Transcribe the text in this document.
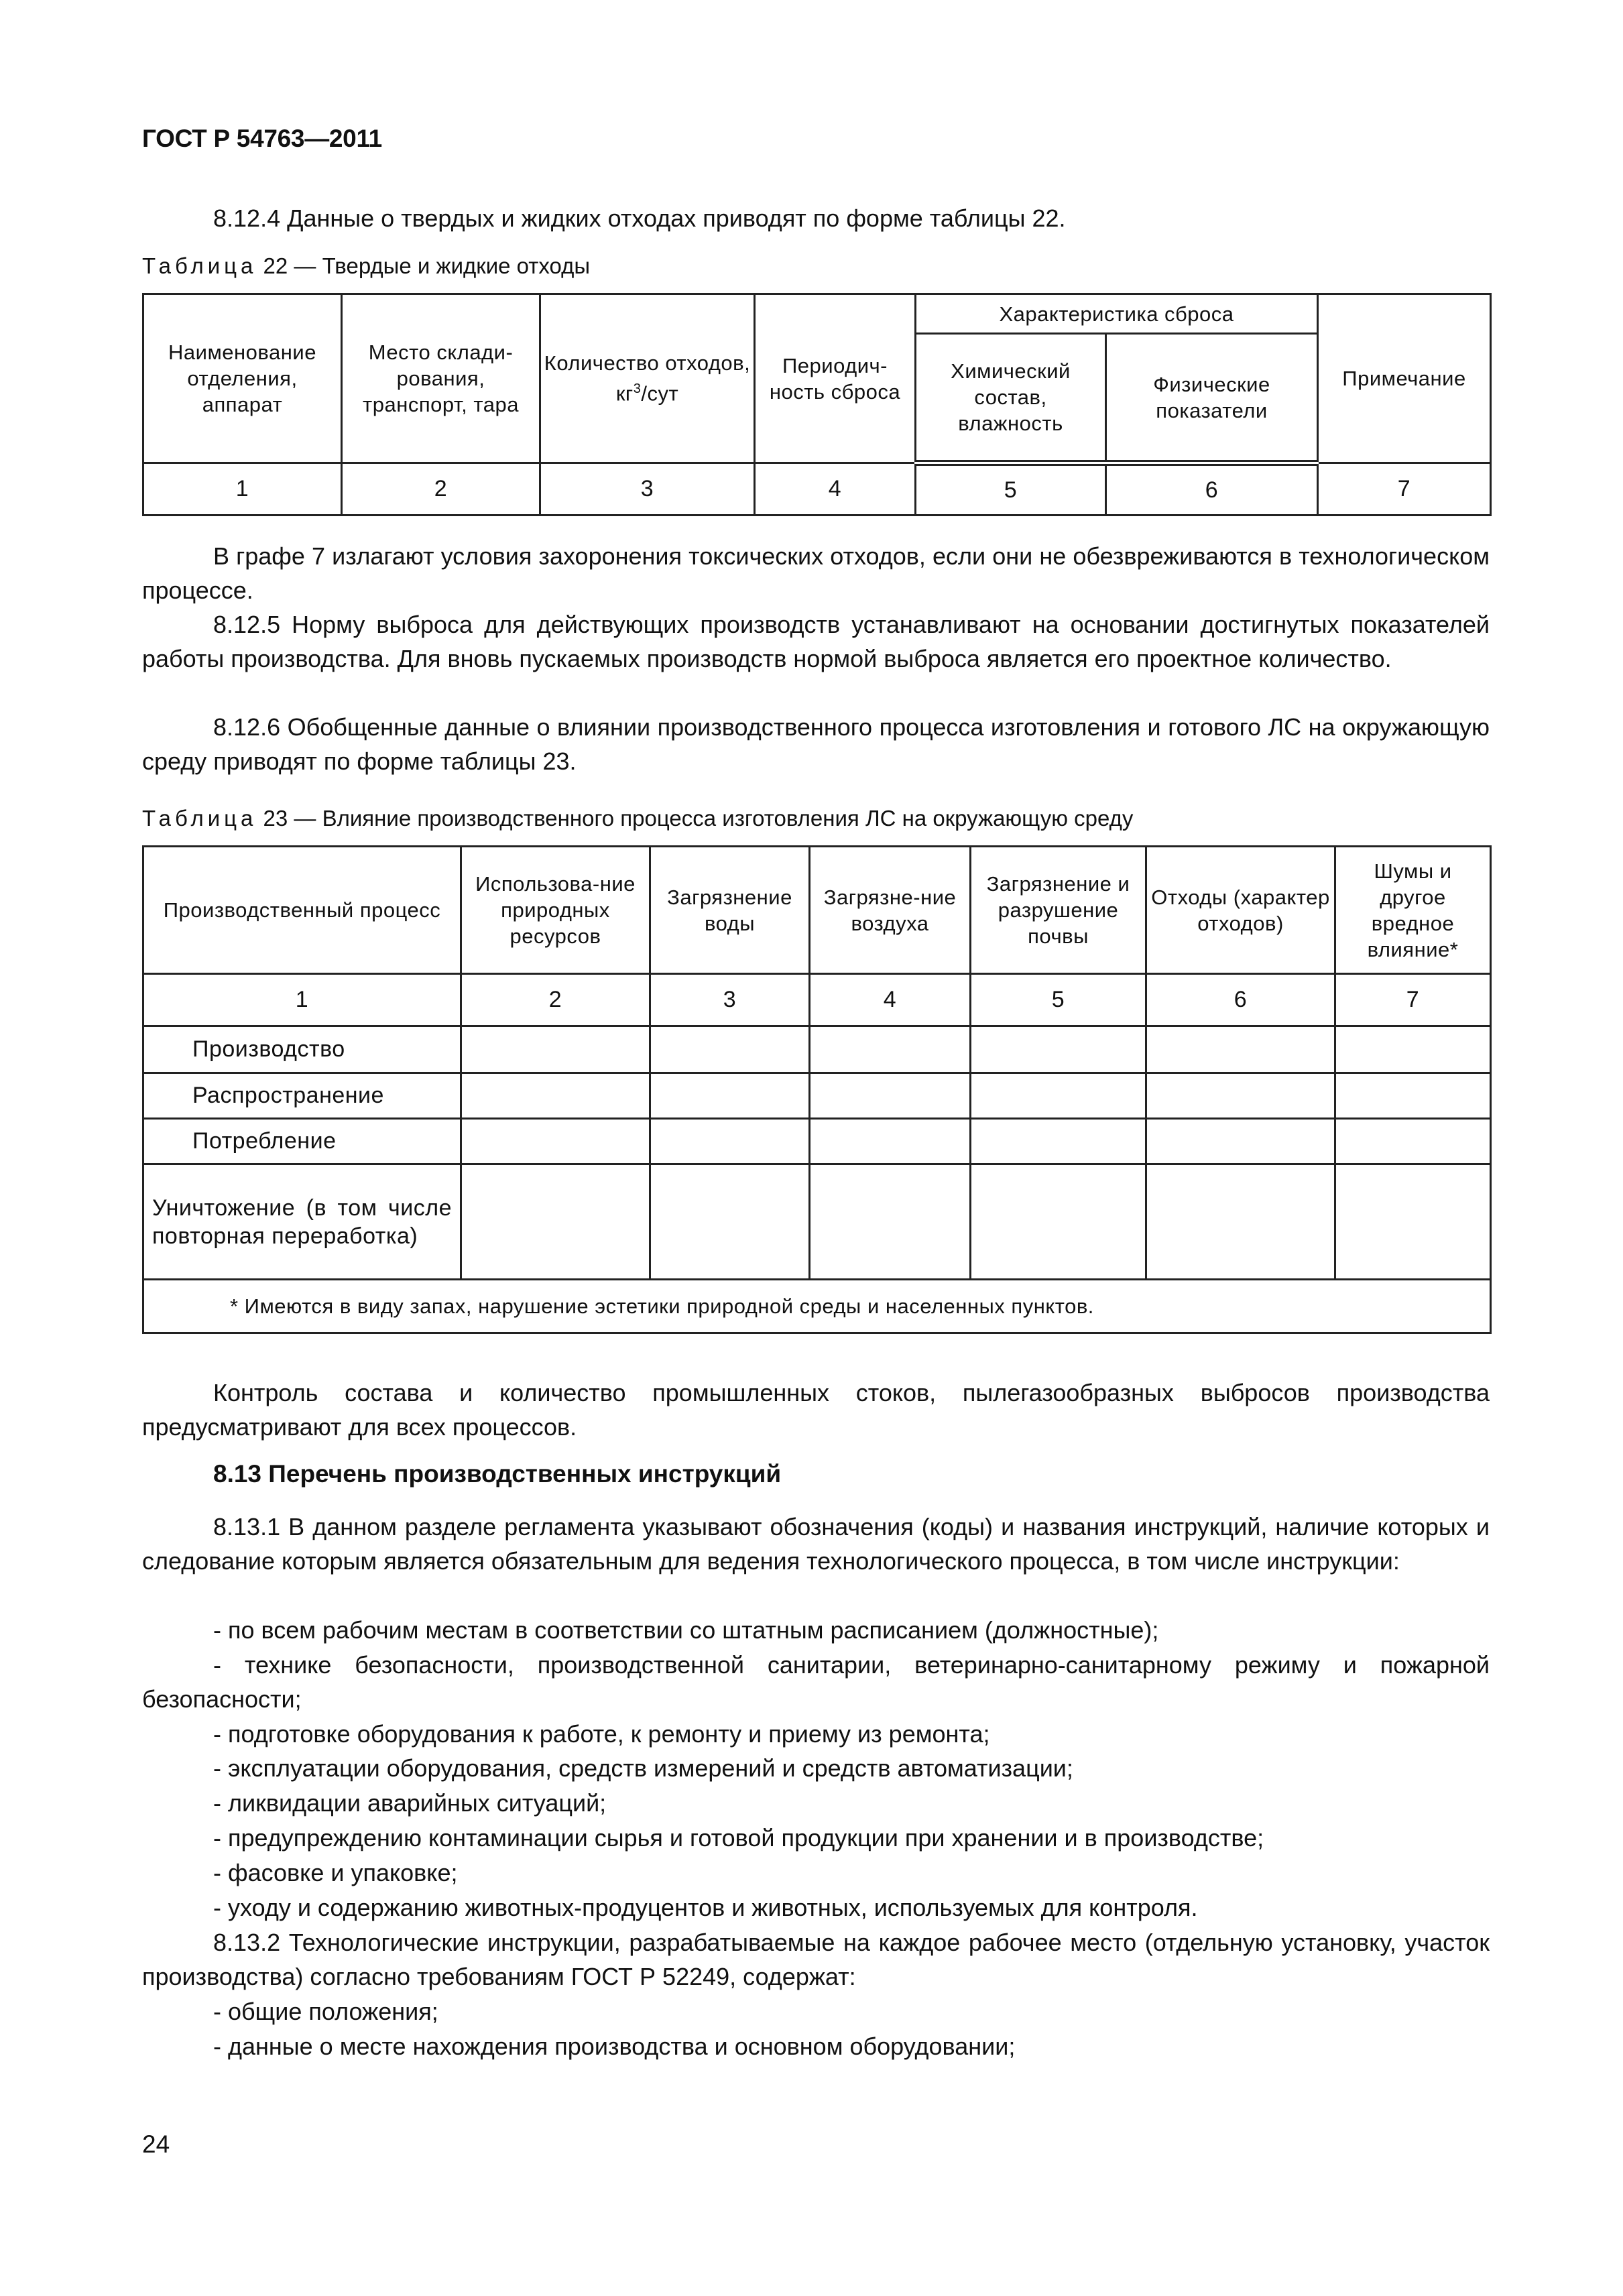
ГОСТ Р 54763—2011

8.12.4 Данные о твердых и жидких отходах приводят по форме таблицы 22.

Таблица 22 — Твердые и жидкие отходы
Наименование отделения, аппарат	Место склади-рования, транспорт, тара	Количество отходов, $кг^3$/сут	Периодич-ность сброса	Характеристика сброса		Примечание
				Химический состав, влажность	Физические показатели	
1	2	3	4	5	6	7

В графе 7 излагают условия захоронения токсических отходов, если они не обезвреживаются в технологическом процессе.

8.12.5 Норму выброса для действующих производств устанавливают на основании достигнутых показателей работы производства. Для вновь пускаемых производств нормой выброса является его проектное количество.

8.12.6 Обобщенные данные о влиянии производственного процесса изготовления и готового ЛС на окружающую среду приводят по форме таблицы 23.

Таблица 23 — Влияние производственного процесса изготовления ЛС на окружающую среду
Производственный процесс	Использова-ние природных ресурсов	Загрязнение воды	Загрязне-ние воздуха	Загрязнение и разрушение почвы	Отходы (характер отходов)	Шумы и другое вредное влияние*
1	2	3	4	5	6	7
Производство						
Распространение						
Потребление						
Уничтожение (в том числе повторная переработка)						
* Имеются в виду запах, нарушение эстетики природной среды и населенных пунктов.						

Контроль состава и количество промышленных стоков, пылегазообразных выбросов производства предусматривают для всех процессов.

8.13 Перечень производственных инструкций

8.13.1 В данном разделе регламента указывают обозначения (коды) и названия инструкций, наличие которых и следование которым является обязательным для ведения технологического процесса, в том числе инструкции:

- по всем рабочим местам в соответствии со штатным расписанием (должностные);

- технике безопасности, производственной санитарии, ветеринарно-санитарному режиму и пожарной безопасности;

- подготовке оборудования к работе, к ремонту и приему из ремонта;

- эксплуатации оборудования, средств измерений и средств автоматизации;

- ликвидации аварийных ситуаций;

- предупреждению контаминации сырья и готовой продукции при хранении и в производстве;

- фасовке и упаковке;

- уходу и содержанию животных-продуцентов и животных, используемых для контроля.

8.13.2 Технологические инструкции, разрабатываемые на каждое рабочее место (отдельную установку, участок производства) согласно требованиям ГОСТ Р 52249, содержат:

- общие положения;

- данные о месте нахождения производства и основном оборудовании;

24
